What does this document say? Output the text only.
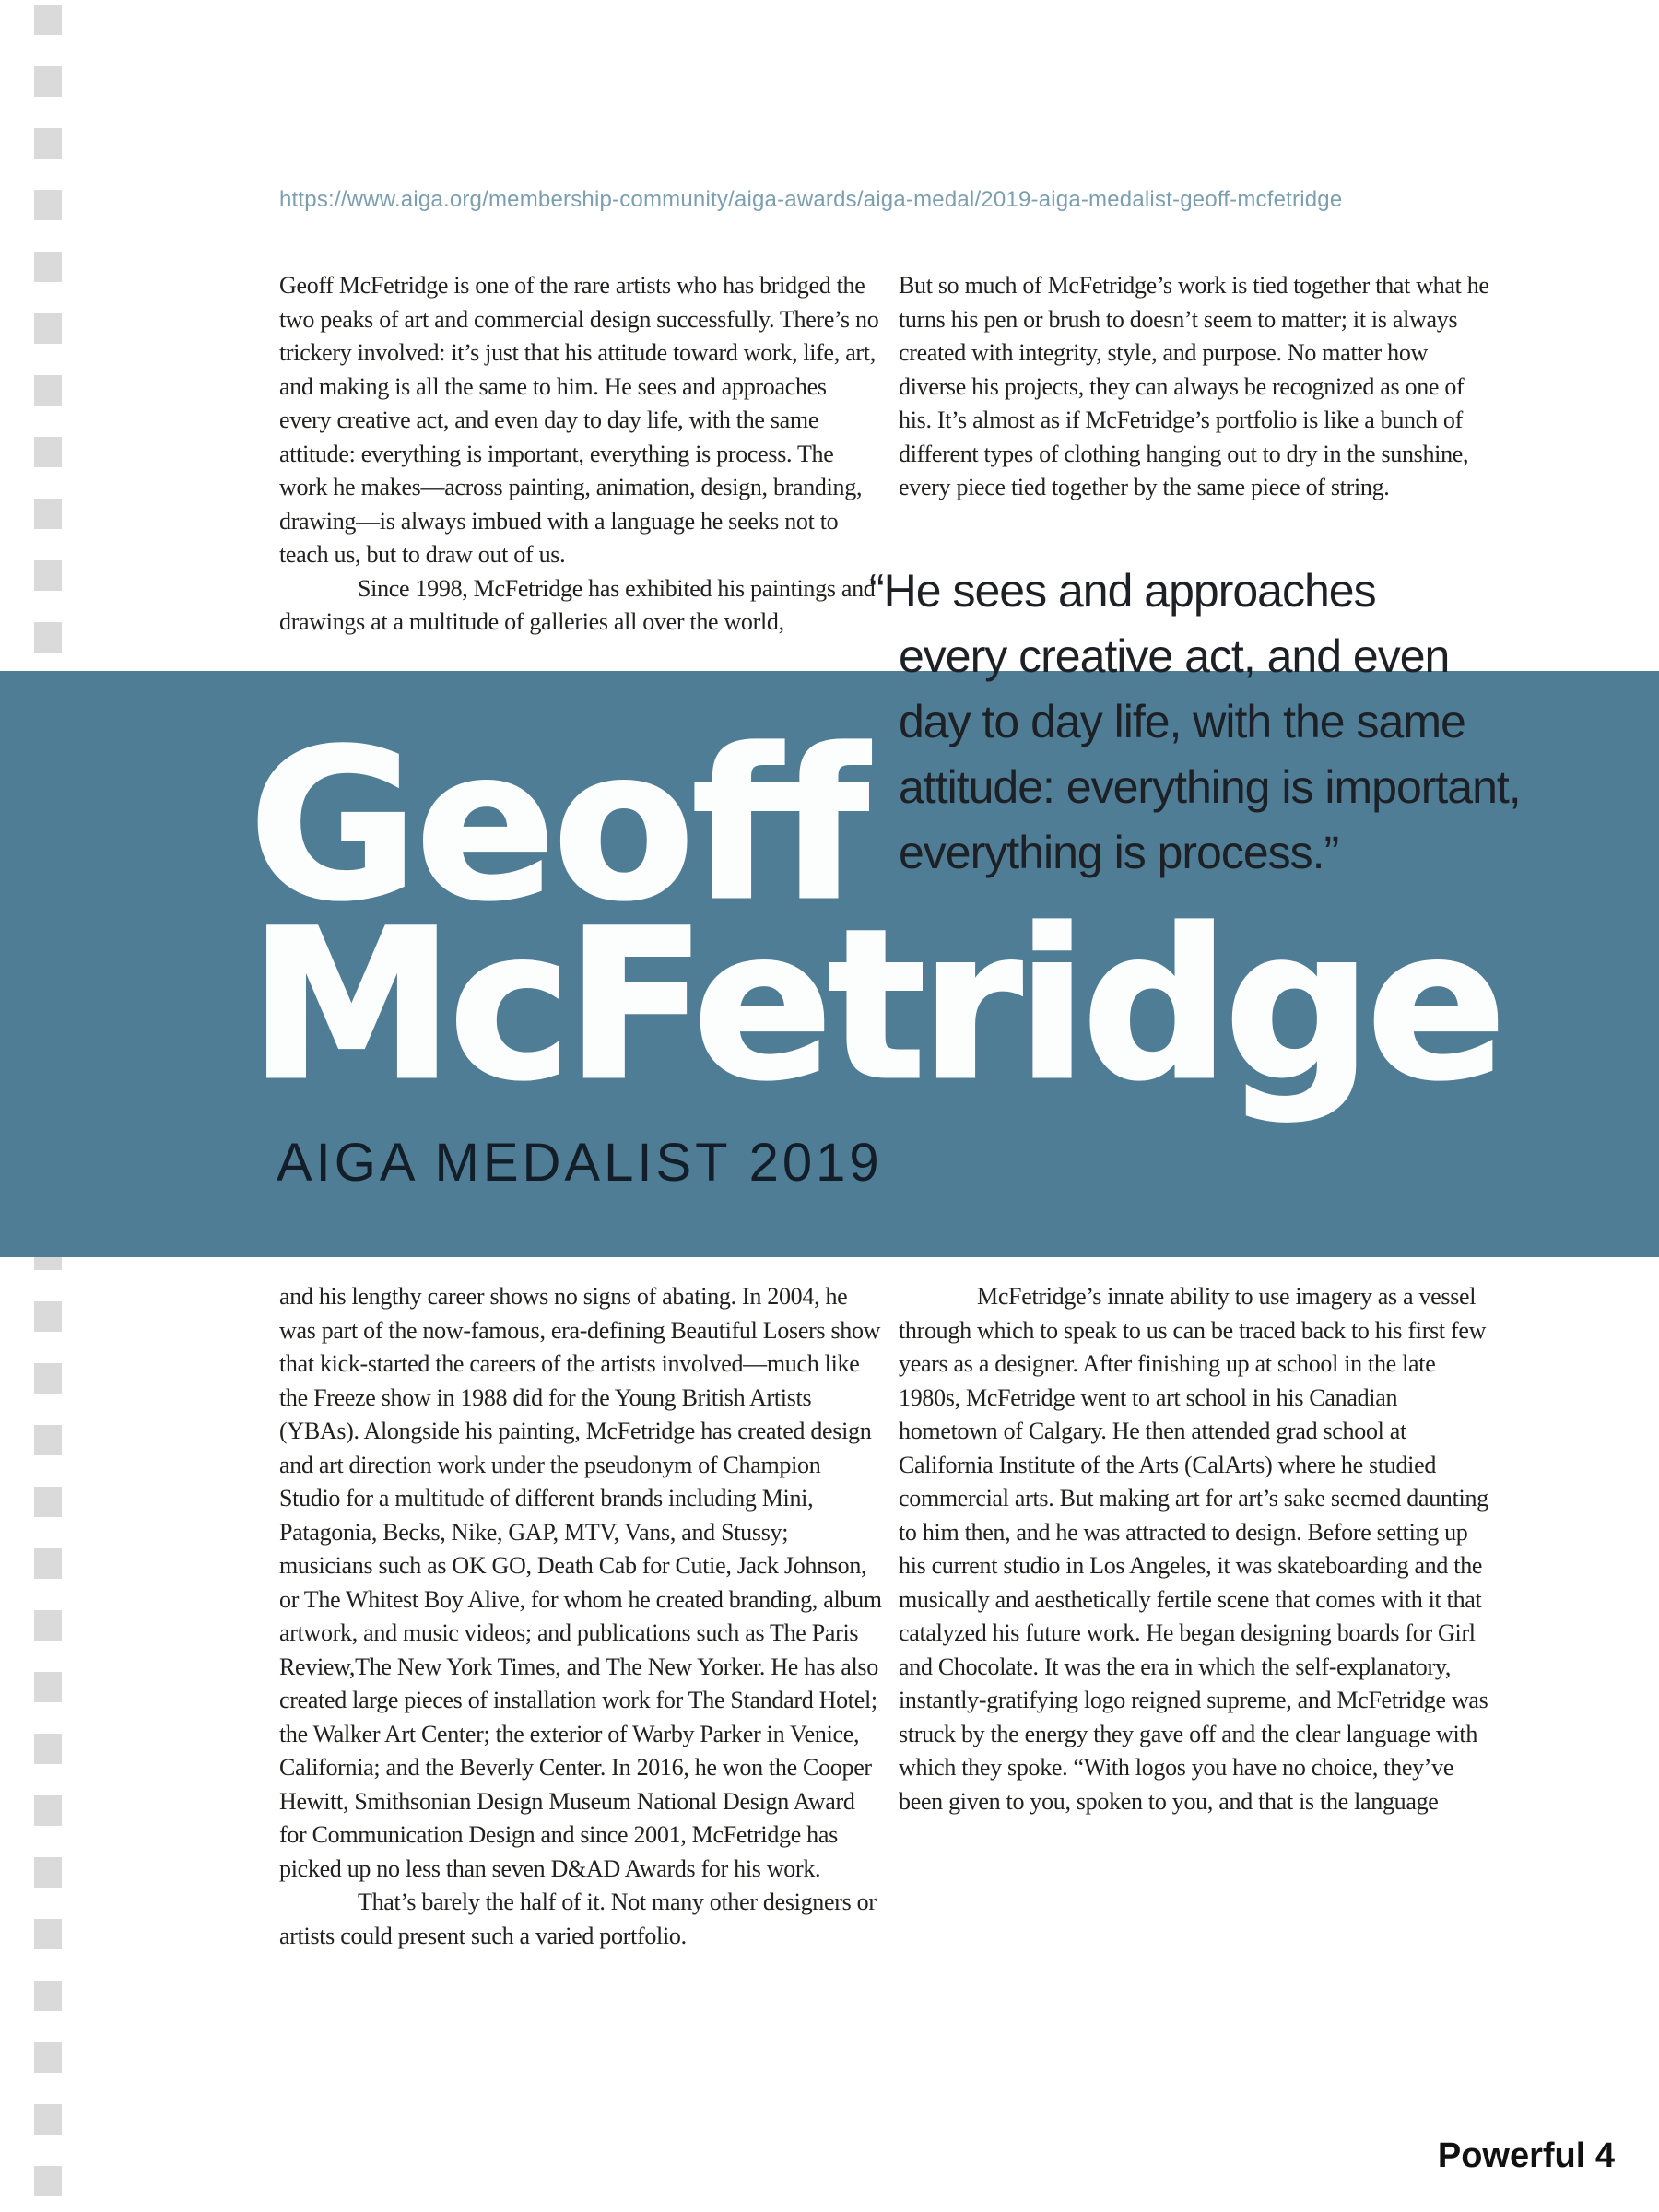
https://www.aiga.org/membership-community/aiga-awards/aiga-medal/2019-aiga-medalist-geoff-mcfetridge

Geoff McFetridge is one of the rare artists who has bridged the two peaks of art and commercial design successfully. There’s no trickery involved: it’s just that his attitude toward work, life, art, and making is all the same to him. He sees and approaches every creative act, and even day to day life, with the same attitude: everything is important, everything is process. The work he makes—across painting, animation, design, branding, drawing—is always imbued with a language he seeks not to teach us, but to draw out of us.

Since 1998, McFetridge has exhibited his paintings and drawings at a multitude of galleries all over the world,

But so much of McFetridge’s work is tied together that what he turns his pen or brush to doesn’t seem to matter; it is always created with integrity, style, and purpose. No matter how diverse his projects, they can always be recognized as one of his. It’s almost as if McFetridge’s portfolio is like a bunch of different types of clothing hanging out to dry in the sunshine, every piece tied together by the same piece of string.

“He sees and approaches
every creative act, and even
day to day life, with the same
attitude: everything is important,
everything is process.”
Geoff
McFetridge
AIGA MEDALIST 2019

and his lengthy career shows no signs of abating. In 2004, he was part of the now-famous, era-defining Beautiful Losers show that kick-started the careers of the artists involved—much like the Freeze show in 1988 did for the Young British Artists (YBAs). Alongside his painting, McFetridge has created design and art direction work under the pseudonym of Champion Studio for a multitude of different brands including Mini, Patagonia, Becks, Nike, GAP, MTV, Vans, and Stussy; musicians such as OK GO, Death Cab for Cutie, Jack Johnson, or The Whitest Boy Alive, for whom he created branding, album artwork, and music videos; and publications such as The Paris Review,The New York Times, and The New Yorker. He has also created large pieces of installation work for The Standard Hotel; the Walker Art Center; the exterior of Warby Parker in Venice, California; and the Beverly Center. In 2016, he won the Cooper Hewitt, Smithsonian Design Museum National Design Award for Communication Design and since 2001, McFetridge has picked up no less than seven D&AD Awards for his work.

That’s barely the half of it. Not many other designers or artists could present such a varied portfolio.

McFetridge’s innate ability to use imagery as a vessel through which to speak to us can be traced back to his first few years as a designer. After finishing up at school in the late 1980s, McFetridge went to art school in his Canadian hometown of Calgary. He then attended grad school at California Institute of the Arts (CalArts) where he studied commercial arts. But making art for art’s sake seemed daunting to him then, and he was attracted to design. Before setting up his current studio in Los Angeles, it was skateboarding and the musically and aesthetically fertile scene that comes with it that catalyzed his future work. He began designing boards for Girl and Chocolate. It was the era in which the self-explanatory, instantly-gratifying logo reigned supreme, and McFetridge was struck by the energy they gave off and the clear language with which they spoke. “With logos you have no choice, they’ve been given to you, spoken to you, and that is the language

Powerful 4
